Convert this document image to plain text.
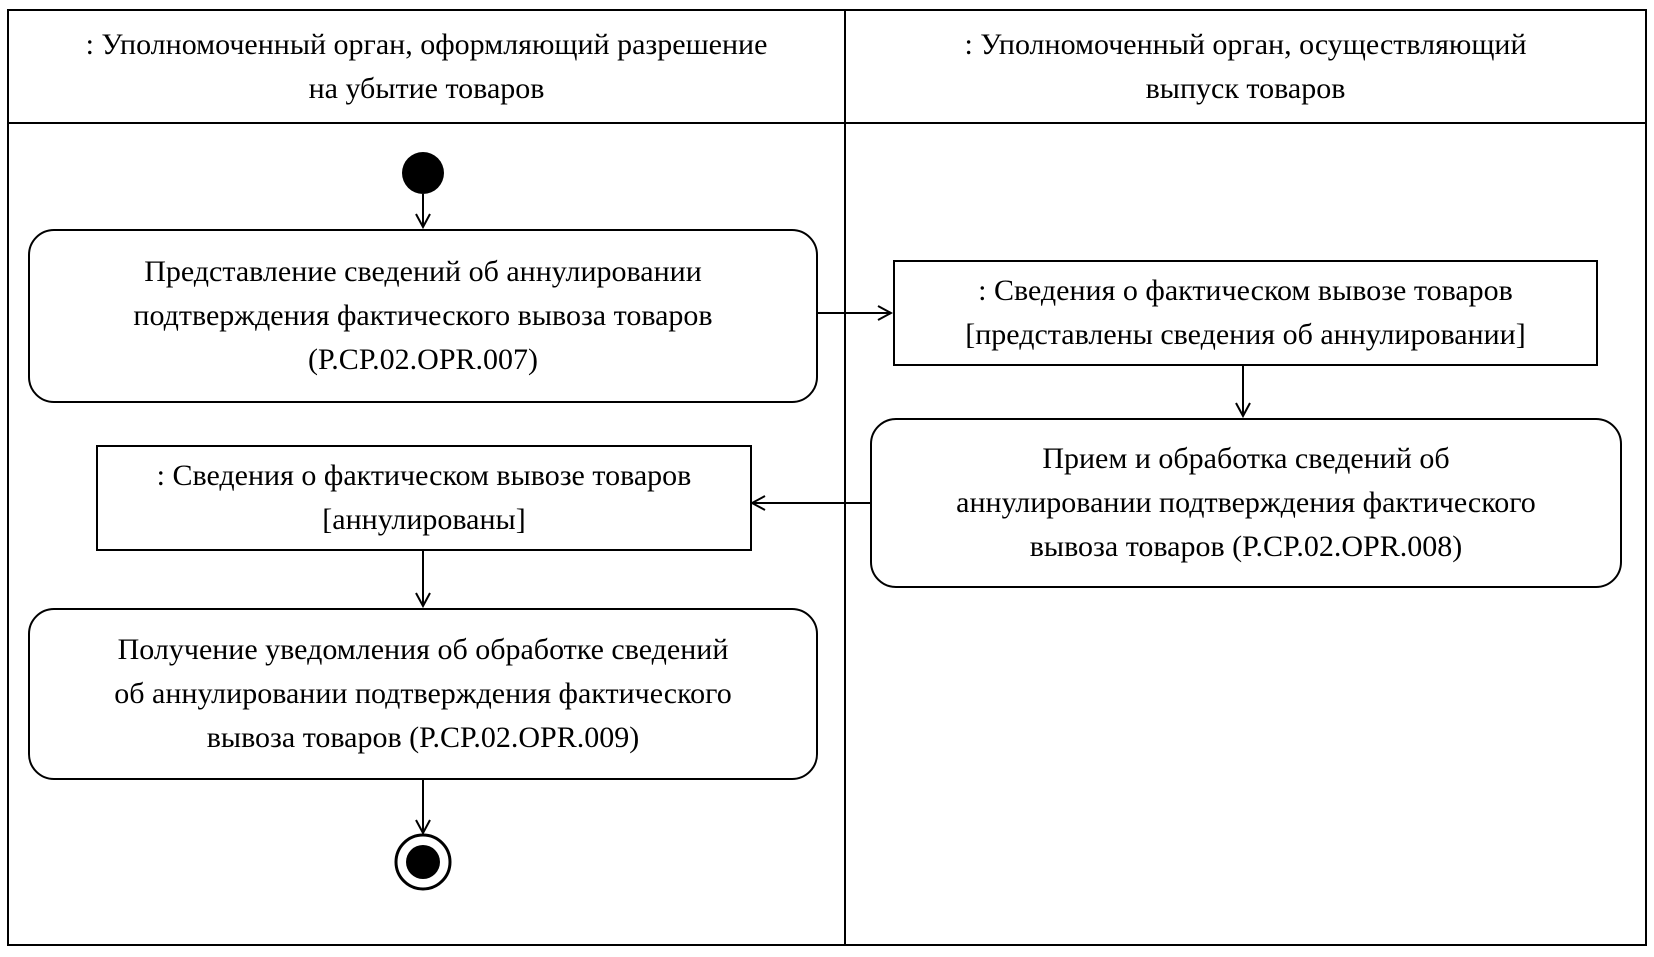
: Уполномоченный орган, оформляющий разрешение
на убытие товаров
: Уполномоченный орган, осуществляющий
выпуск товаров
Представление сведений об аннулировании
подтверждения фактического вывоза товаров
(P.CP.02.OPR.007)
: Сведения о фактическом вывозе товаров
[представлены сведения об аннулировании]
Прием и обработка сведений об
аннулировании подтверждения фактического
вывоза товаров (P.CP.02.OPR.008)
: Сведения о фактическом вывозе товаров
[аннулированы]
Получение уведомления об обработке сведений
об аннулировании подтверждения фактического
вывоза товаров (P.CP.02.OPR.009)
